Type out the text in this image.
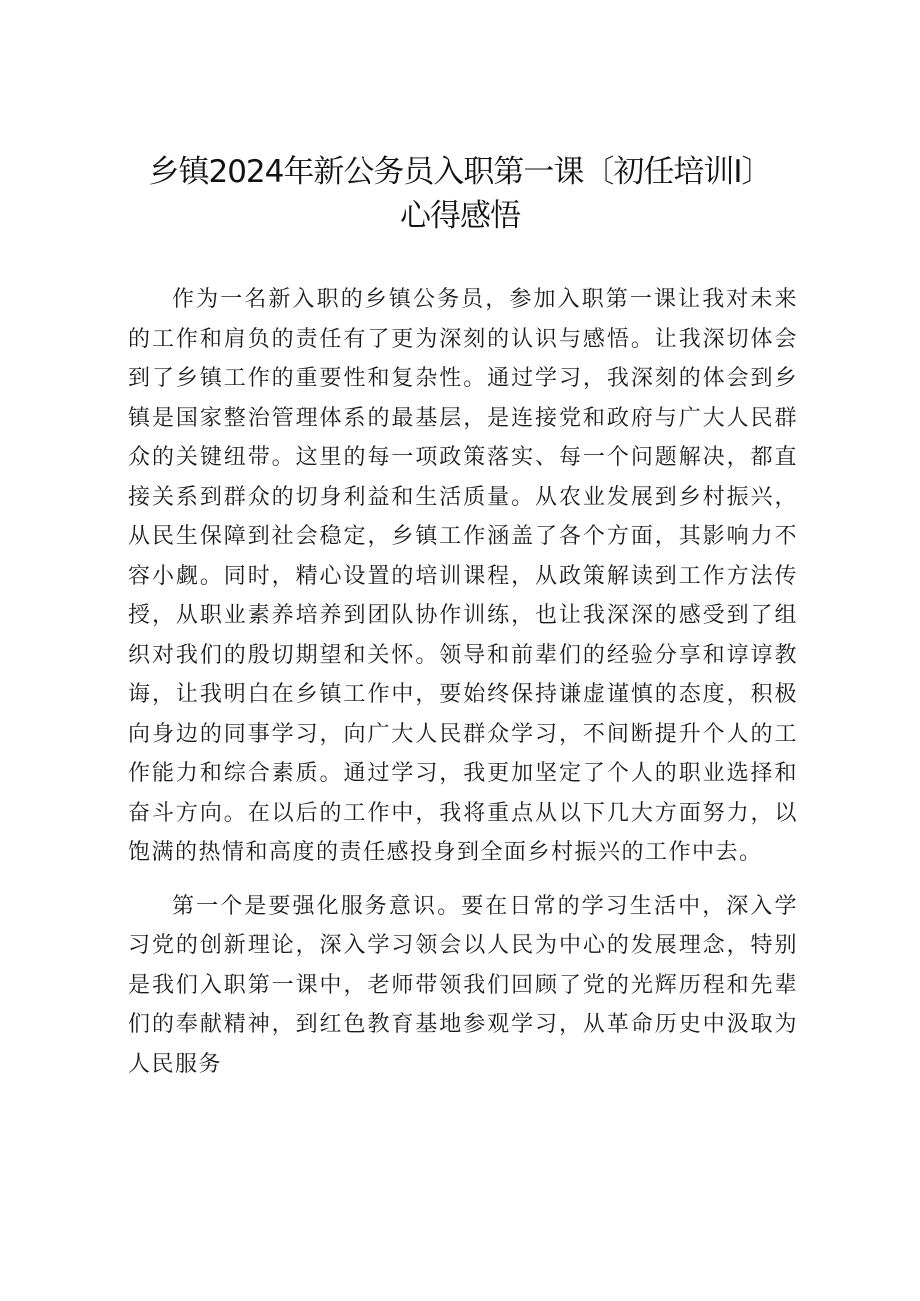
乡镇2024年新公务员入职第一课〔初任培训I〕
心得感悟

作为一名新入职的乡镇公务员，参加入职第一课让我对未来的工作和肩负的责任有了更为深刻的认识与感悟。让我深切体会到了乡镇工作的重要性和复杂性。通过学习，我深刻的体会到乡镇是国家整治管理体系的最基层，是连接党和政府与广大人民群众的关键纽带。这里的每一项政策落实、每一个问题解决，都直接关系到群众的切身利益和生活质量。从农业发展到乡村振兴，从民生保障到社会稳定，乡镇工作涵盖了各个方面，其影响力不容小觑。同时，精心设置的培训课程，从政策解读到工作方法传授，从职业素养培养到团队协作训练，也让我深深的感受到了组织对我们的殷切期望和关怀。领导和前辈们的经验分享和谆谆教诲，让我明白在乡镇工作中，要始终保持谦虚谨慎的态度，积极向身边的同事学习，向广大人民群众学习，不间断提升个人的工作能力和综合素质。通过学习，我更加坚定了个人的职业选择和奋斗方向。在以后的工作中，我将重点从以下几大方面努力，以饱满的热情和高度的责任感投身到全面乡村振兴的工作中去。

第一个是要强化服务意识。要在日常的学习生活中，深入学习党的创新理论，深入学习领会以人民为中心的发展理念，特别是我们入职第一课中，老师带领我们回顾了党的光辉历程和先辈们的奉献精神，到红色教育基地参观学习，从革命历史中汲取为人民服务
